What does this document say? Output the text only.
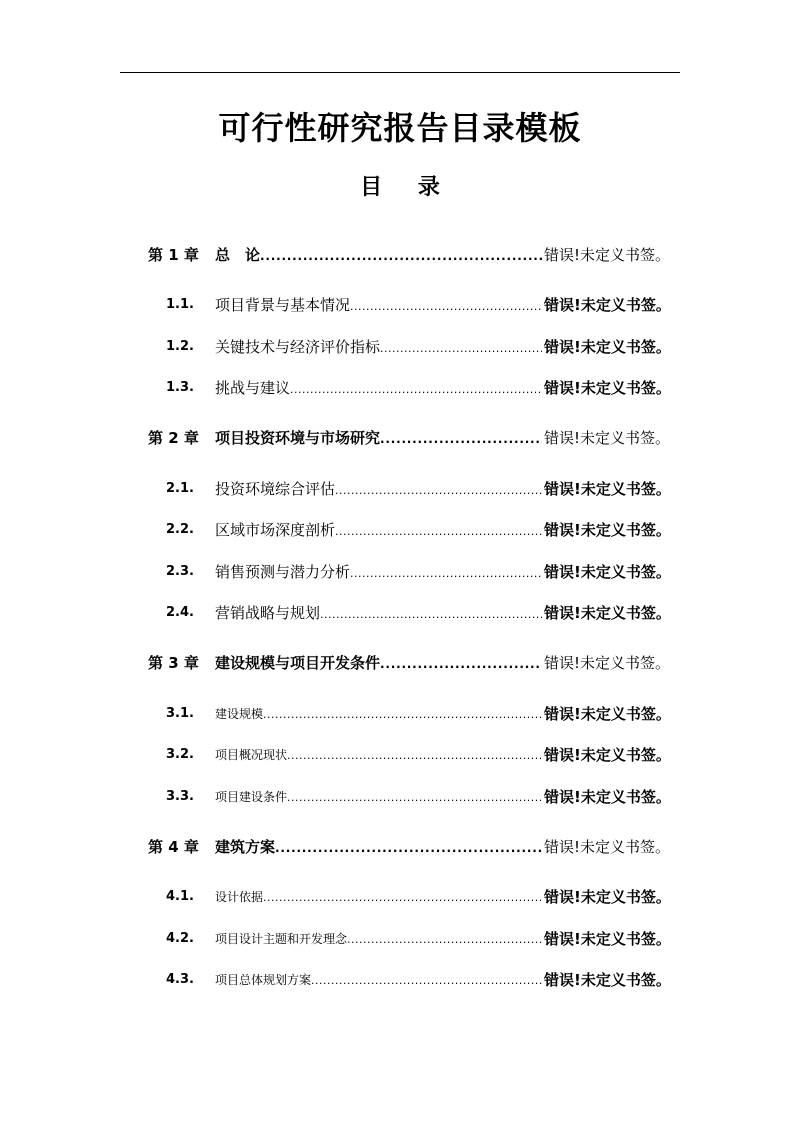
可行性研究报告目录模板
目 录
第 1 章 总　论 .....	错误!未定义书签。
1.1.	项目背景与基本情况 .....	错误!未定义书签。
1.2.	关键技术与经济评价指标 .....	错误!未定义书签。
1.3.	挑战与建议 .....	错误!未定义书签。
第 2 章 项目投资环境与市场研究 .....	错误!未定义书签。
2.1.	投资环境综合评估 .....	错误!未定义书签。
2.2.	区域市场深度剖析 .....	错误!未定义书签。
2.3.	销售预测与潜力分析 .....	错误!未定义书签。
2.4.	营销战略与规划 .....	错误!未定义书签。
第 3 章 建设规模与项目开发条件 .....	错误!未定义书签。
3.1.	建设规模 .....	错误!未定义书签。
3.2.	项目概况现状 .....	错误!未定义书签。
3.3.	项目建设条件 .....	错误!未定义书签。
第 4 章 建筑方案 .....	错误!未定义书签。
4.1.	设计依据 .....	错误!未定义书签。
4.2.	项目设计主题和开发理念 .....	错误!未定义书签。
4.3.	项目总体规划方案 .....	错误!未定义书签。
